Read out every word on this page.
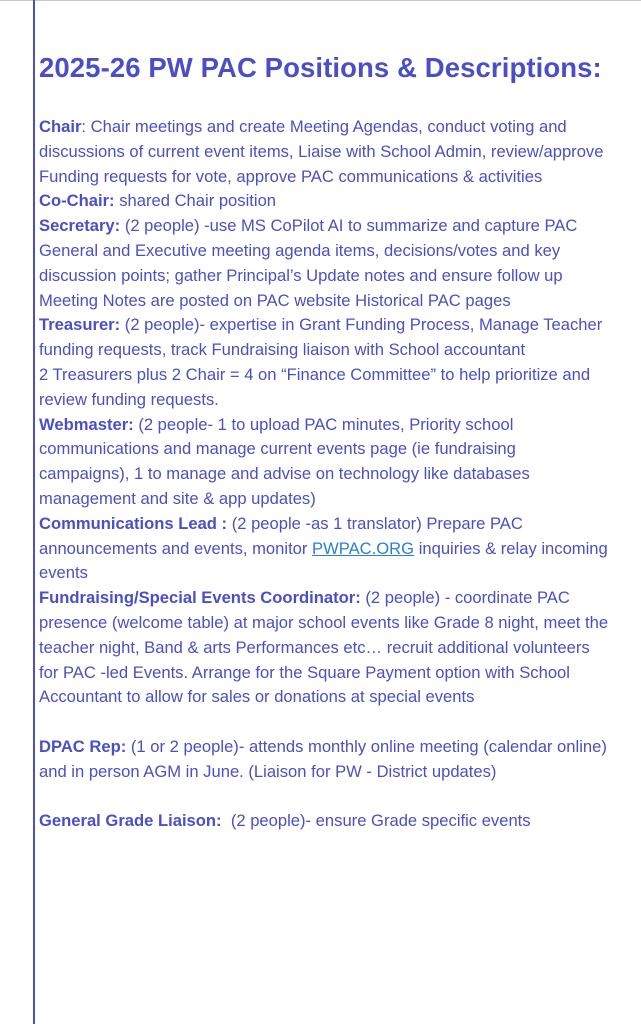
2025-26 PW PAC Positions & Descriptions:

Chair: Chair meetings and create Meeting Agendas, conduct voting and discussions of current event items, Liaise with School Admin, review/approve Funding requests for vote, approve PAC communications & activities

Co-Chair: shared Chair position

Secretary: (2 people) -use MS CoPilot AI to summarize and capture PAC General and Executive meeting agenda items, decisions/votes and key discussion points; gather Principal’s Update notes and ensure follow up Meeting Notes are posted on PAC website Historical PAC pages

Treasurer: (2 people)- expertise in Grant Funding Process, Manage Teacher funding requests, track Fundraising liaison with School accountant

2 Treasurers plus 2 Chair = 4 on “Finance Committee” to help prioritize and review funding requests.

Webmaster: (2 people- 1 to upload PAC minutes, Priority school communications and manage current events page (ie fundraising campaigns), 1 to manage and advise on technology like databases management and site & app updates)

Communications Lead : (2 people -as 1 translator) Prepare PAC announcements and events, monitor PWPAC.ORG inquiries & relay incoming events

Fundraising/Special Events Coordinator: (2 people) - coordinate PAC presence (welcome table) at major school events like Grade 8 night, meet the teacher night, Band & arts Performances etc… recruit additional volunteers for PAC -led Events. Arrange for the Square Payment option with School Accountant to allow for sales or donations at special events

DPAC Rep: (1 or 2 people)- attends monthly online meeting (calendar online) and in person AGM in June. (Liaison for PW - District updates)

General Grade Liaison: (2 people)- ensure Grade specific events
